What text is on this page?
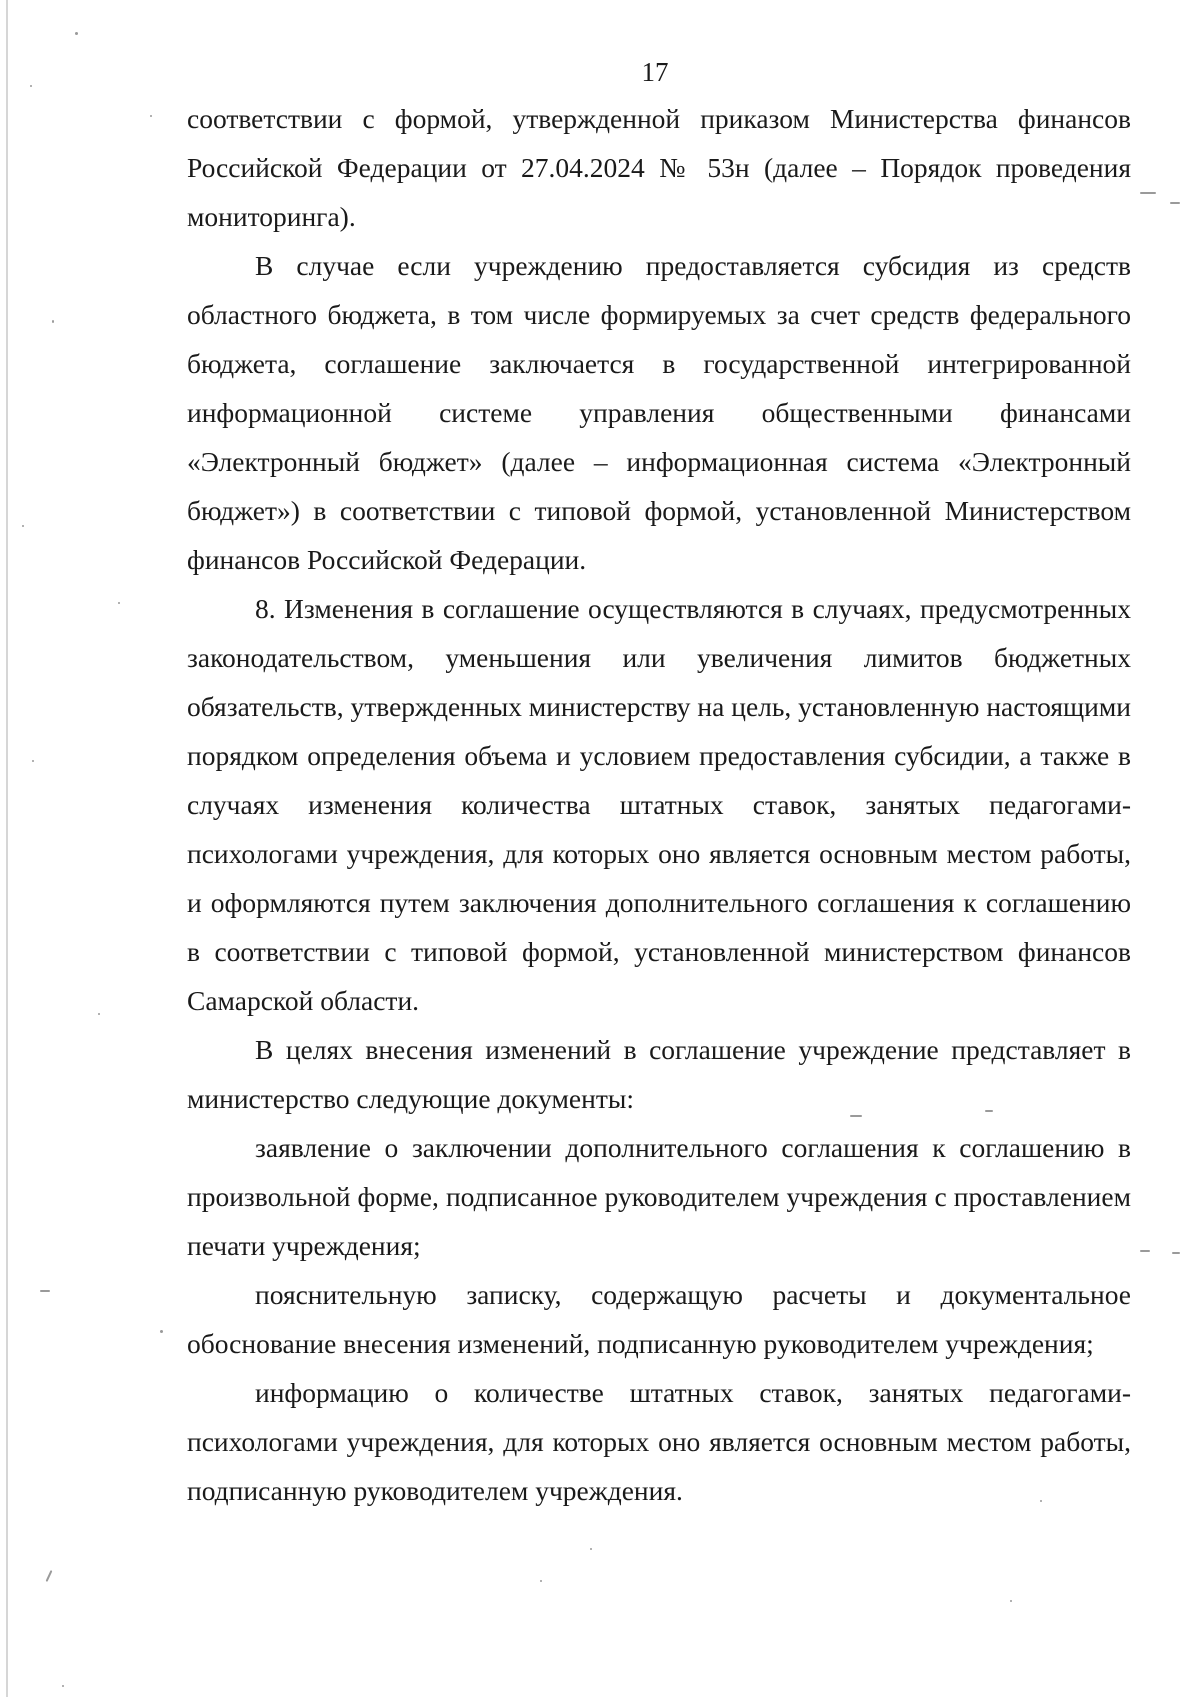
17

соответствии с формой, утвержденной приказом Министерства финансов Российской Федерации от 27.04.2024 № 53н (далее – Порядок проведения мониторинга).

В случае если учреждению предоставляется субсидия из средств областного бюджета, в том числе формируемых за счет средств федерального бюджета, соглашение заключается в государственной интегрированной информационной системе управления общественными финансами «Электронный бюджет» (далее – информационная система «Электронный бюджет») в соответствии с типовой формой, установленной Министерством финансов Российской Федерации.

8. Изменения в соглашение осуществляются в случаях, предусмотренных законодательством, уменьшения или увеличения лимитов бюджетных обязательств, утвержденных министерству на цель, установленную настоящими порядком определения объема и условием предоставления субсидии, а также в случаях изменения количества штатных ставок, занятых педагогами-психологами учреждения, для которых оно является основным местом работы, и оформляются путем заключения дополнительного соглашения к соглашению в соответствии с типовой формой, установленной министерством финансов Самарской области.

В целях внесения изменений в соглашение учреждение представляет в министерство следующие документы:

заявление о заключении дополнительного соглашения к соглашению в произвольной форме, подписанное руководителем учреждения с проставлением печати учреждения;

пояснительную записку, содержащую расчеты и документальное обоснование внесения изменений, подписанную руководителем учреждения;

информацию о количестве штатных ставок, занятых педагогами-психологами учреждения, для которых оно является основным местом работы, подписанную руководителем учреждения.
